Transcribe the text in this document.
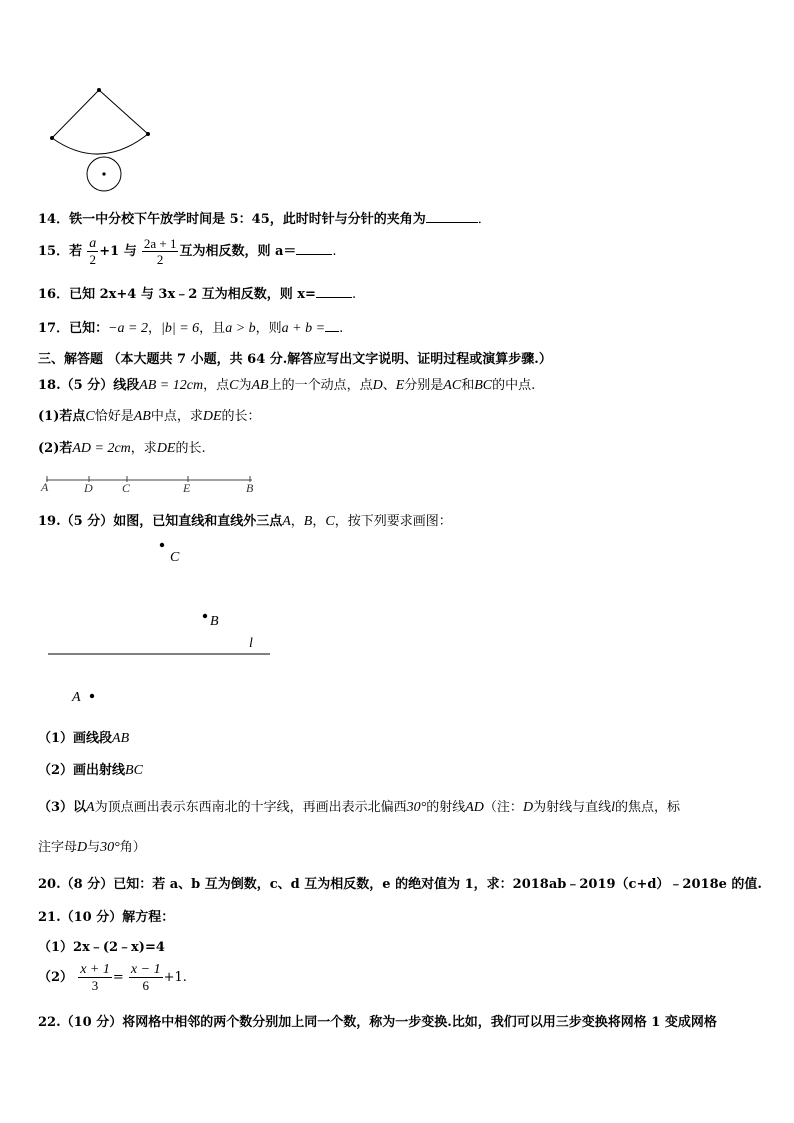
14．铁一中分校下午放学时间是 5：45，此时时针与分针的夹角为	．
15．若 $\frac{a}{2} +1$ 与 $\frac{2a + 1}{2}$ 互为相反数，则 a＝	.
16．已知 2x+4 与 3x﹣2 互为相反数，则 x=	.
17．已知：−a = 2，|b| = 6，且a > b，则a + b = .
三、解答题 （本大题共 7 小题，共 64 分.解答应写出文字说明、证明过程或演算步骤.）
18.（5 分）线段AB = 12cm，点C为AB上的一个动点，点D、E分别是AC和BC的中点.
(1)若点C恰好是AB中点，求DE的长：
(2)若AD = 2cm，求DE的长.
A	D C	E	B
19.（5 分）如图，已知直线和直线外三点A，B，C，按下列要求画图：
C
B
l
A
（1）画线段AB
（2）画出射线BC
（3）以A为顶点画出表示东西南北的十字线，再画出表示北偏西30°的射线AD（注：D为射线与直线l的焦点，标
注字母D与30°角）
20.（8 分）已知：若 a、b 互为倒数，c、d 互为相反数，e 的绝对值为 1，求：2018ab﹣2019（c+d）﹣2018e 的值.
21.（10 分）解方程：
（1）2x﹣(2﹣x)=4
$(2) \frac{x + 1}{3} = \frac{x - 1}{6} +1$.
22.（10 分）将网格中相邻的两个数分别加上同一个数，称为一步变换.比如，我们可以用三步变换将网格 1 变成网格
